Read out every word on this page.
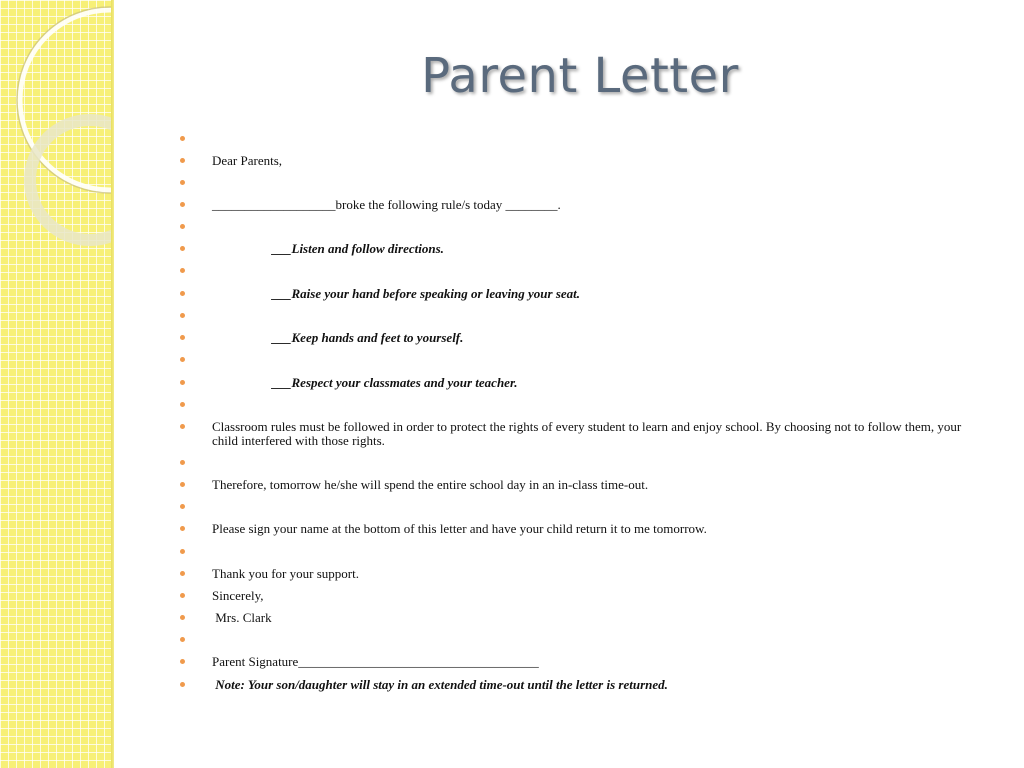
Parent Letter
Dear Parents,
___________________broke the following rule/s today ________.
___Listen and follow directions.
___Raise your hand before speaking or leaving your seat.
___Keep hands and feet to yourself.
___Respect your classmates and your teacher.
Classroom rules must be followed in order to protect the rights of every student to learn and enjoy school. By choosing not to follow them, your child interfered with those rights.
Therefore, tomorrow he/she will spend the entire school day in an in-class time-out.
Please sign your name at the bottom of this letter and have your child return it to me tomorrow.
Thank you for your support.
Sincerely,
Mrs. Clark
Parent Signature_____________________________________
Note: Your son/daughter will stay in an extended time-out until the letter is returned.
